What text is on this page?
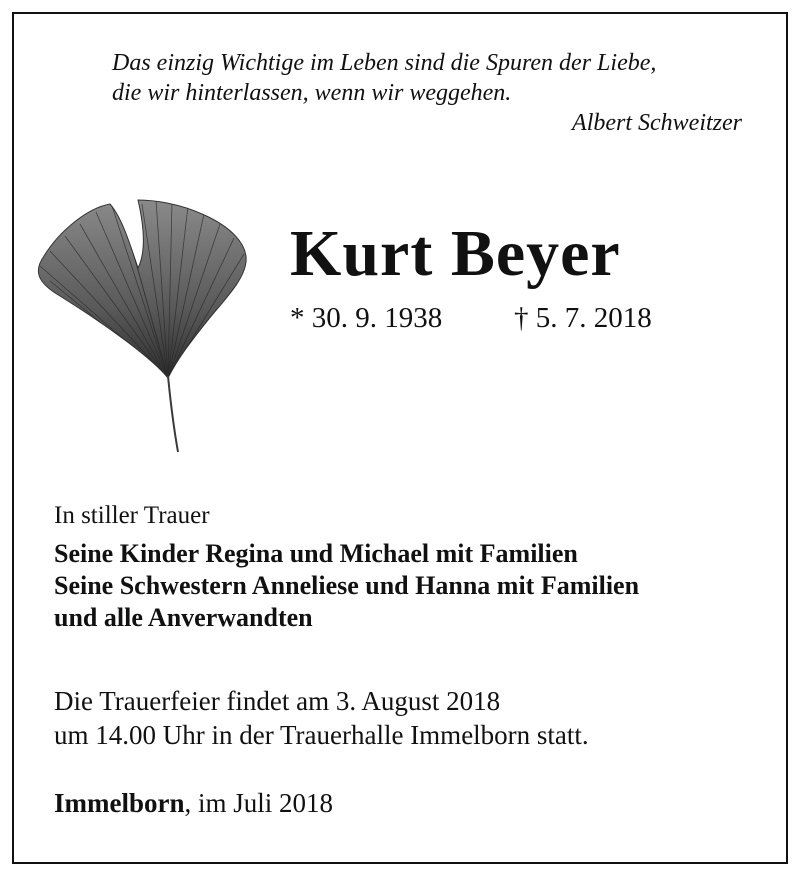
Das einzig Wichtige im Leben sind die Spuren der Liebe,
die wir hinterlassen, wenn wir weggehen.
Albert Schweitzer
Kurt Beyer
* 30. 9. 1938 † 5. 7. 2018
In stiller Trauer
Seine Kinder Regina und Michael mit Familien
Seine Schwestern Anneliese und Hanna mit Familien
und alle Anverwandten
Die Trauerfeier findet am 3. August 2018
um 14.00 Uhr in der Trauerhalle Immelborn statt.
Immelborn, im Juli 2018
